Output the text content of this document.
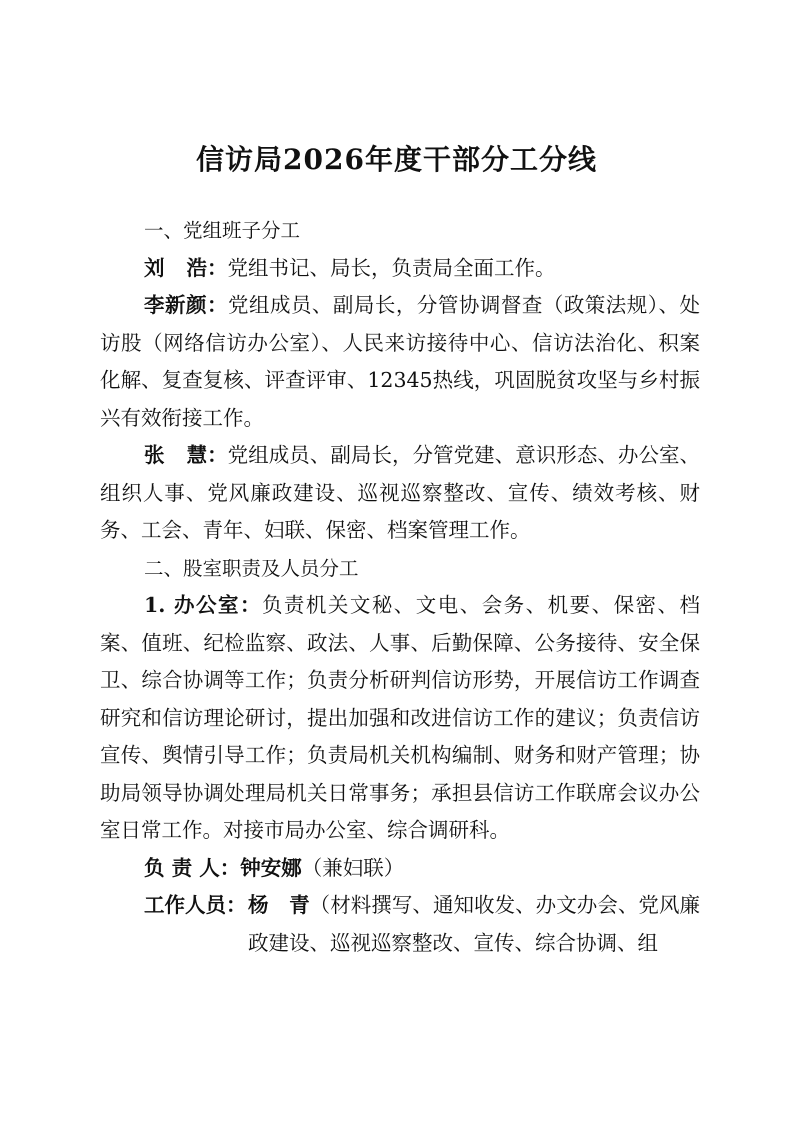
信访局2026年度干部分工分线

一、党组班子分工

刘 浩：党组书记、局长，负责局全面工作。

李新颜：党组成员、副局长，分管协调督查（政策法规）、处访股（网络信访办公室）、人民来访接待中心、信访法治化、积案化解、复查复核、评查评审、12345热线，巩固脱贫攻坚与乡村振兴有效衔接工作。

张 慧：党组成员、副局长，分管党建、意识形态、办公室、组织人事、党风廉政建设、巡视巡察整改、宣传、绩效考核、财务、工会、青年、妇联、保密、档案管理工作。

二、股室职责及人员分工

1. 办公室：负责机关文秘、文电、会务、机要、保密、档案、值班、纪检监察、政法、人事、后勤保障、公务接待、安全保卫、综合协调等工作；负责分析研判信访形势，开展信访工作调查研究和信访理论研讨，提出加强和改进信访工作的建议；负责信访宣传、舆情引导工作；负责局机关机构编制、财务和财产管理；协助局领导协调处理局机关日常事务；承担县信访工作联席会议办公室日常工作。对接市局办公室、综合调研科。

负 责 人：钟安娜（兼妇联）

工作人员： 杨　青（材料撰写、通知收发、办文办会、党风廉政建设、巡视巡察整改、宣传、综合协调、组
